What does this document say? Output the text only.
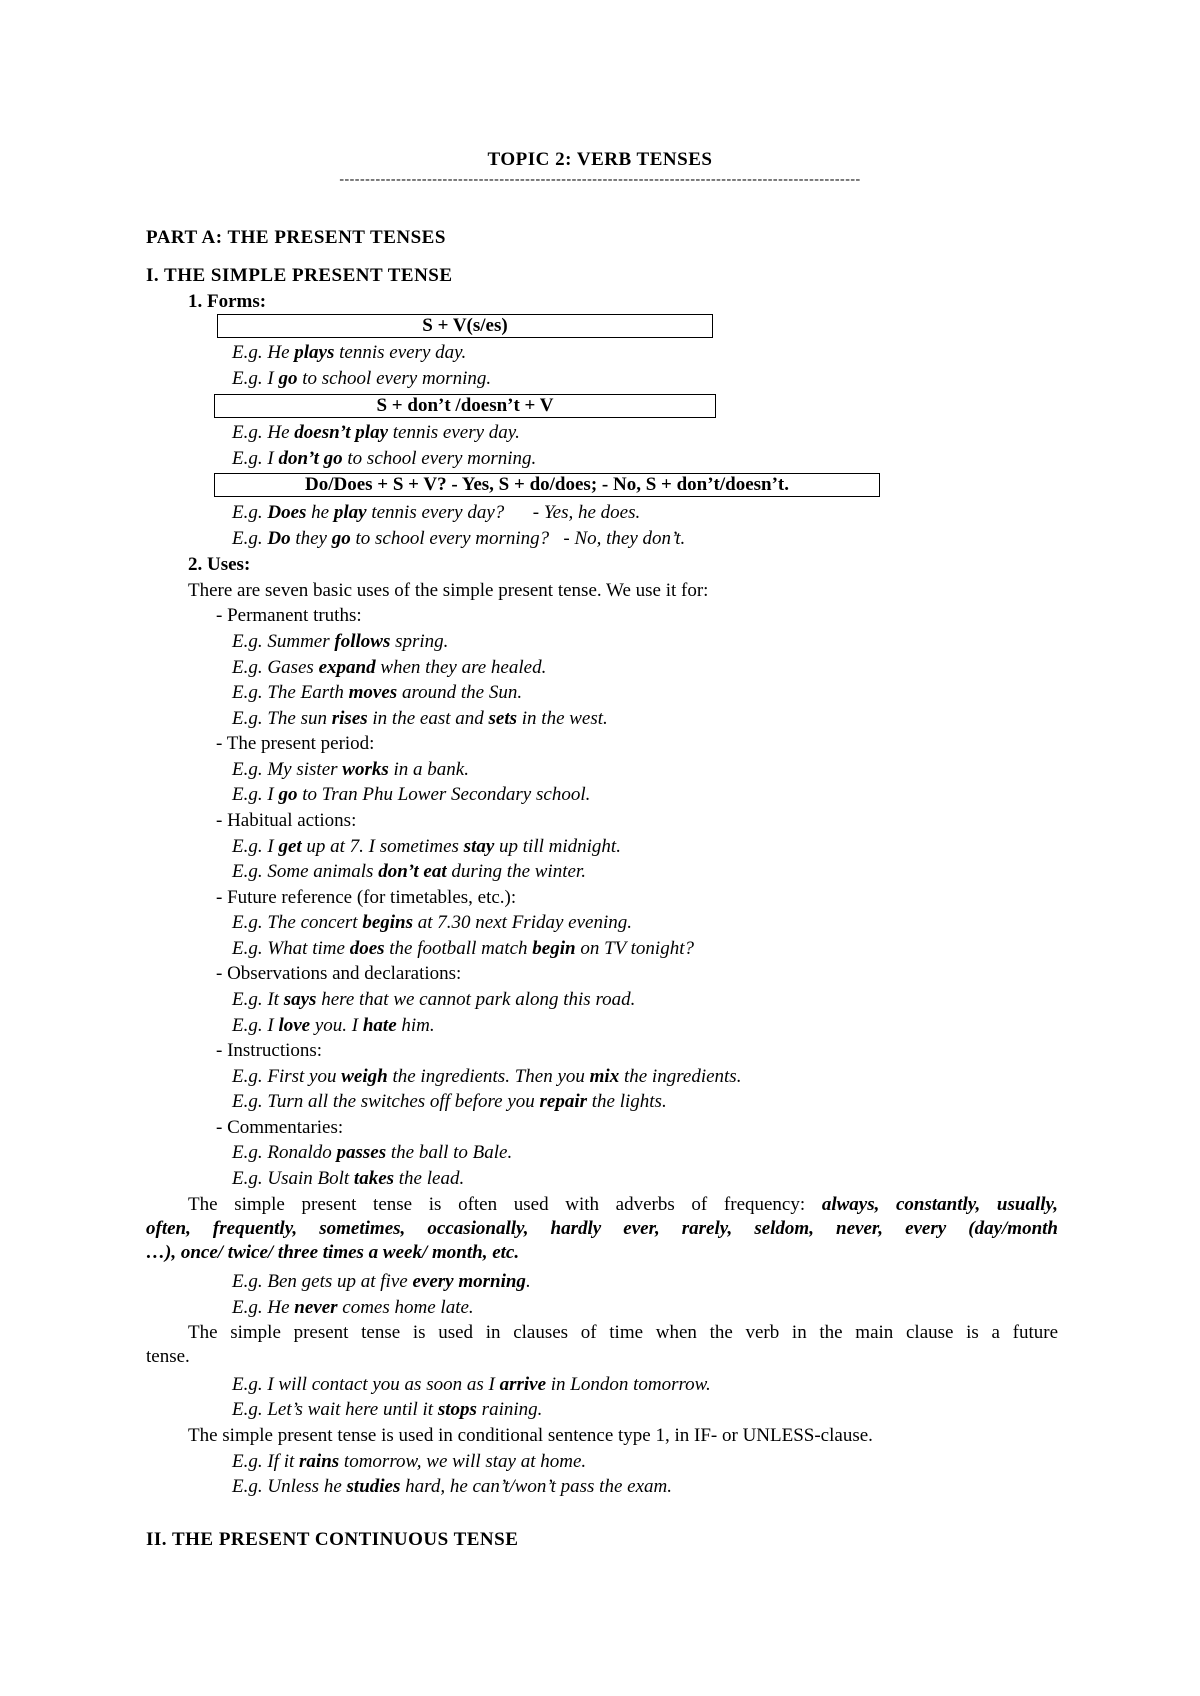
TOPIC 2: VERB TENSES
-----------------------------------------------------------------------------------------------------
PART A: THE PRESENT TENSES
I. THE SIMPLE PRESENT TENSE
1. Forms:
S + V(s/es)
E.g. He plays tennis every day.
E.g. I go to school every morning.
S + don’t /doesn’t + V
E.g. He doesn’t play tennis every day.
E.g. I don’t go to school every morning.
Do/Does + S + V? - Yes, S + do/does; - No, S + don’t/doesn’t.
E.g. Does he play tennis every day?      - Yes, he does.
E.g. Do they go to school every morning?   - No, they don’t.
2. Uses:
There are seven basic uses of the simple present tense. We use it for:
- Permanent truths:
E.g. Summer follows spring.
E.g. Gases expand when they are healed.
E.g. The Earth moves around the Sun.
E.g. The sun rises in the east and sets in the west.
- The present period:
E.g. My sister works in a bank.
E.g. I go to Tran Phu Lower Secondary school.
- Habitual actions:
E.g. I get up at 7. I sometimes stay up till midnight.
E.g. Some animals don’t eat during the winter.
- Future reference (for timetables, etc.):
E.g. The concert begins at 7.30 next Friday evening.
E.g. What time does the football match begin on TV tonight?
- Observations and declarations:
E.g. It says here that we cannot park along this road.
E.g. I love you. I hate him.
- Instructions:
E.g. First you weigh the ingredients. Then you mix the ingredients.
E.g. Turn all the switches off before you repair the lights.
- Commentaries:
E.g. Ronaldo passes the ball to Bale.
E.g. Usain Bolt takes the lead.
The simple present tense is often used with adverbs of frequency: always, constantly, usually,
often, frequently, sometimes, occasionally, hardly ever, rarely, seldom, never, every (day/month
…), once/ twice/ three times a week/ month, etc.
E.g. Ben gets up at five every morning.
E.g. He never comes home late.
The simple present tense is used in clauses of time when the verb in the main clause is a future
tense.
E.g. I will contact you as soon as I arrive in London tomorrow.
E.g. Let’s wait here until it stops raining.
The simple present tense is used in conditional sentence type 1, in IF- or UNLESS-clause.
E.g. If it rains tomorrow, we will stay at home.
E.g. Unless he studies hard, he can’t/won’t pass the exam.
II. THE PRESENT CONTINUOUS TENSE
